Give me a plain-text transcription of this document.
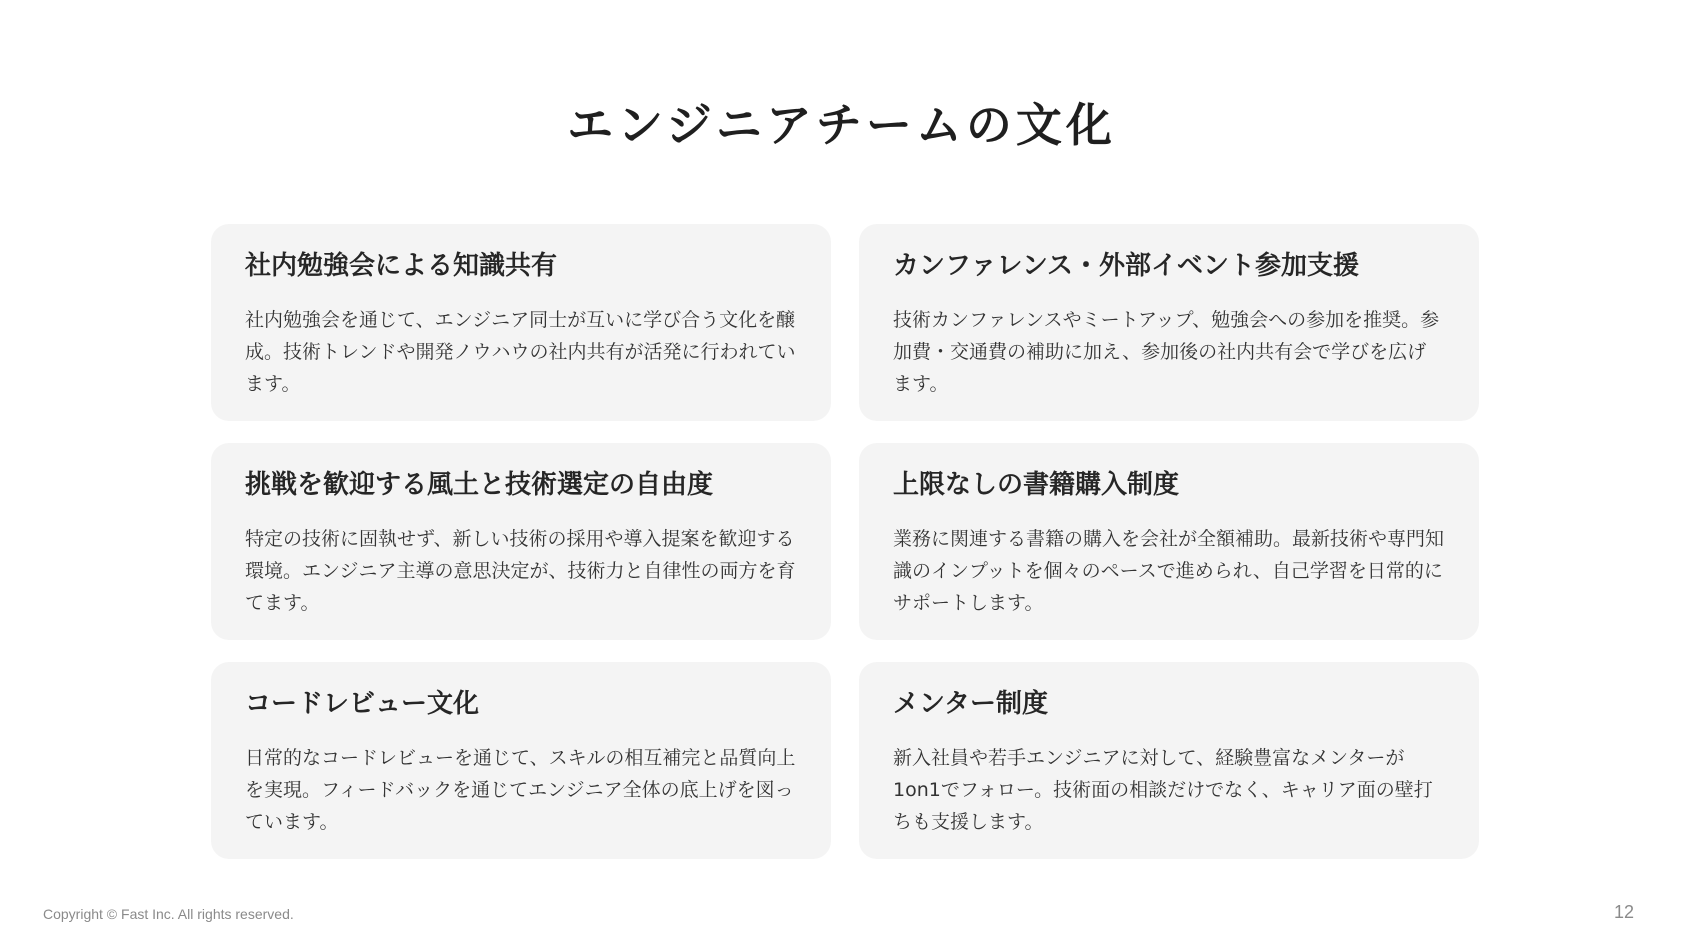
エンジニアチームの文化
社内勉強会による知識共有

社内勉強会を通じて、エンジニア同士が互いに学び合う文化を醸成。技術トレンドや開発ノウハウの社内共有が活発に行われています。

カンファレンス・外部イベント参加支援

技術カンファレンスやミートアップ、勉強会への参加を推奨。参加費・交通費の補助に加え、参加後の社内共有会で学びを広げます。

挑戦を歓迎する風土と技術選定の自由度

特定の技術に固執せず、新しい技術の採用や導入提案を歓迎する環境。エンジニア主導の意思決定が、技術力と自律性の両方を育てます。

上限なしの書籍購入制度

業務に関連する書籍の購入を会社が全額補助。最新技術や専門知識のインプットを個々のペースで進められ、自己学習を日常的にサポートします。

コードレビュー文化

日常的なコードレビューを通じて、スキルの相互補完と品質向上を実現。フィードバックを通じてエンジニア全体の底上げを図っています。

メンター制度

新入社員や若手エンジニアに対して、経験豊富なメンターが1on1でフォロー。技術面の相談だけでなく、キャリア面の壁打ちも支援します。

Copyright © Fast Inc. All rights reserved.	12
